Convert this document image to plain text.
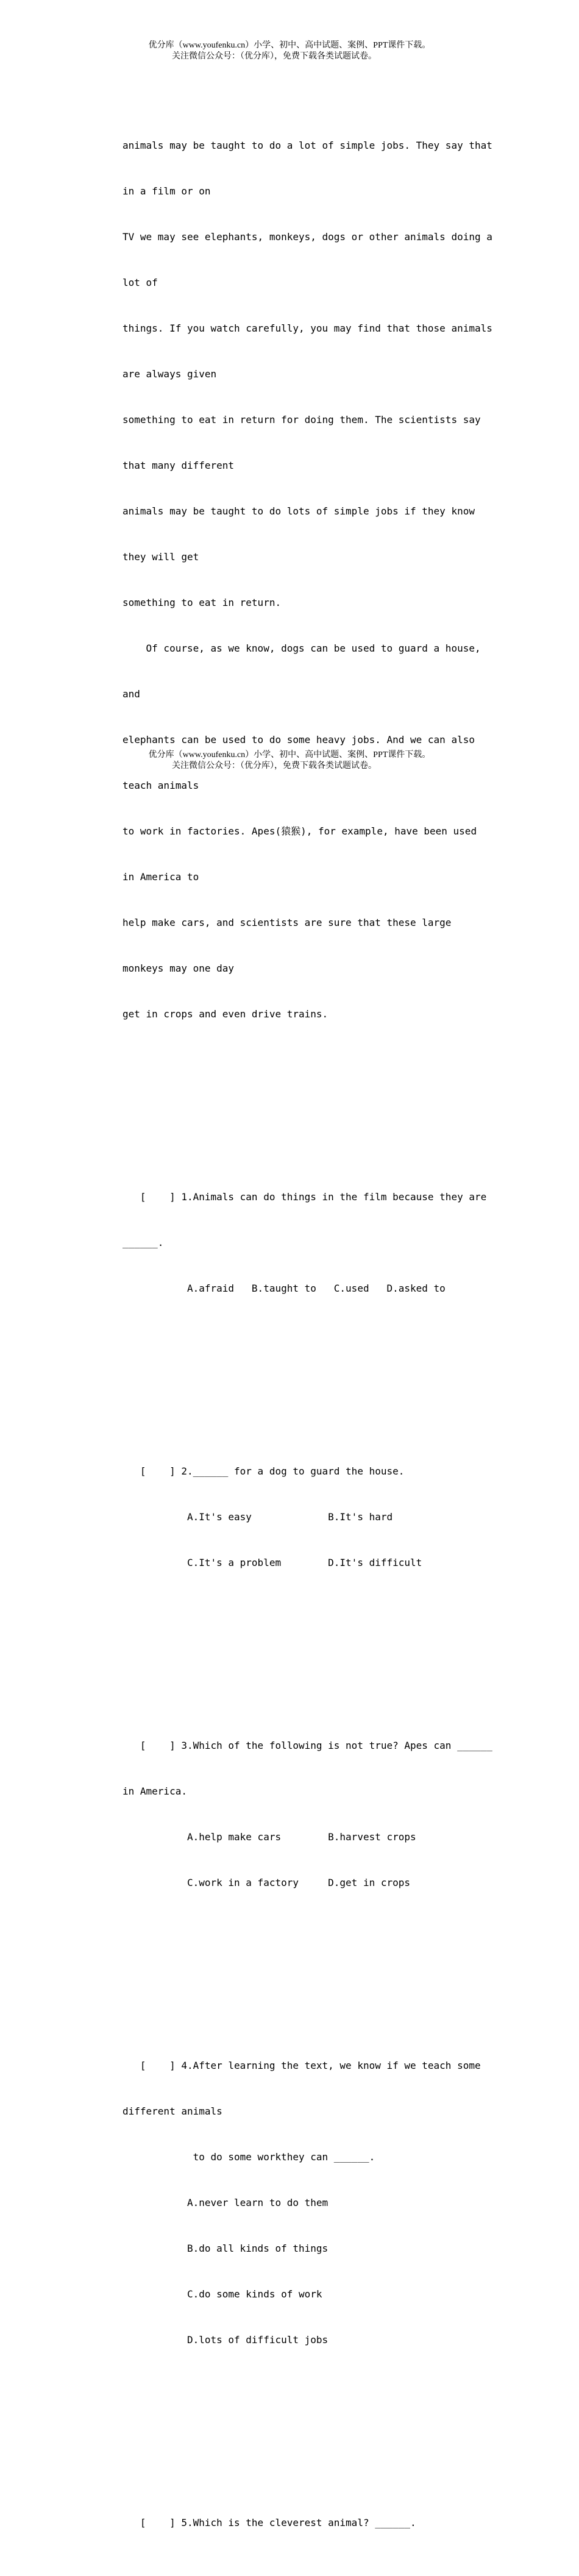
优分库（www.youfenku.cn）小学、初中、高中试题、案例、PPT课件下载。
关注微信公众号：（优分库），免费下载各类试题试卷。

animals may be taught to do a lot of simple jobs. They say that

in a film or on

TV we may see elephants, monkeys, dogs or other animals doing a

lot of

things. If you watch carefully, you may find that those animals

are always given

something to eat in return for doing them. The scientists say

that many different

animals may be taught to do lots of simple jobs if they know

they will get

something to eat in return.

Of course, as we know, dogs can be used to guard a house,

and

elephants can be used to do some heavy jobs. And we can also

teach animals

to work in factories. Apes(猿猴), for example, have been used

in America to

help make cars, and scientists are sure that these large

monkeys may one day

get in crops and even drive trains.

[    ] 1.Animals can do things in the film because they are

______.

A.afraid   B.taught to   C.used   D.asked to

[    ] 2.______ for a dog to guard the house.

A.It's easy             B.It's hard

C.It's a problem        D.It's difficult

[    ] 3.Which of the following is not true? Apes can ______

in America.

A.help make cars        B.harvest crops

C.work in a factory     D.get in crops

[    ] 4.After learning the text, we know if we teach some

different animals

to do some workthey can ______.

A.never learn to do them

B.do all kinds of things

C.do some kinds of work

D.lots of difficult jobs

[    ] 5.Which is the cleverest animal? ______.

优分库（www.youfenku.cn）小学、初中、高中试题、案例、PPT课件下载。
关注微信公众号：（优分库），免费下载各类试题试卷。
